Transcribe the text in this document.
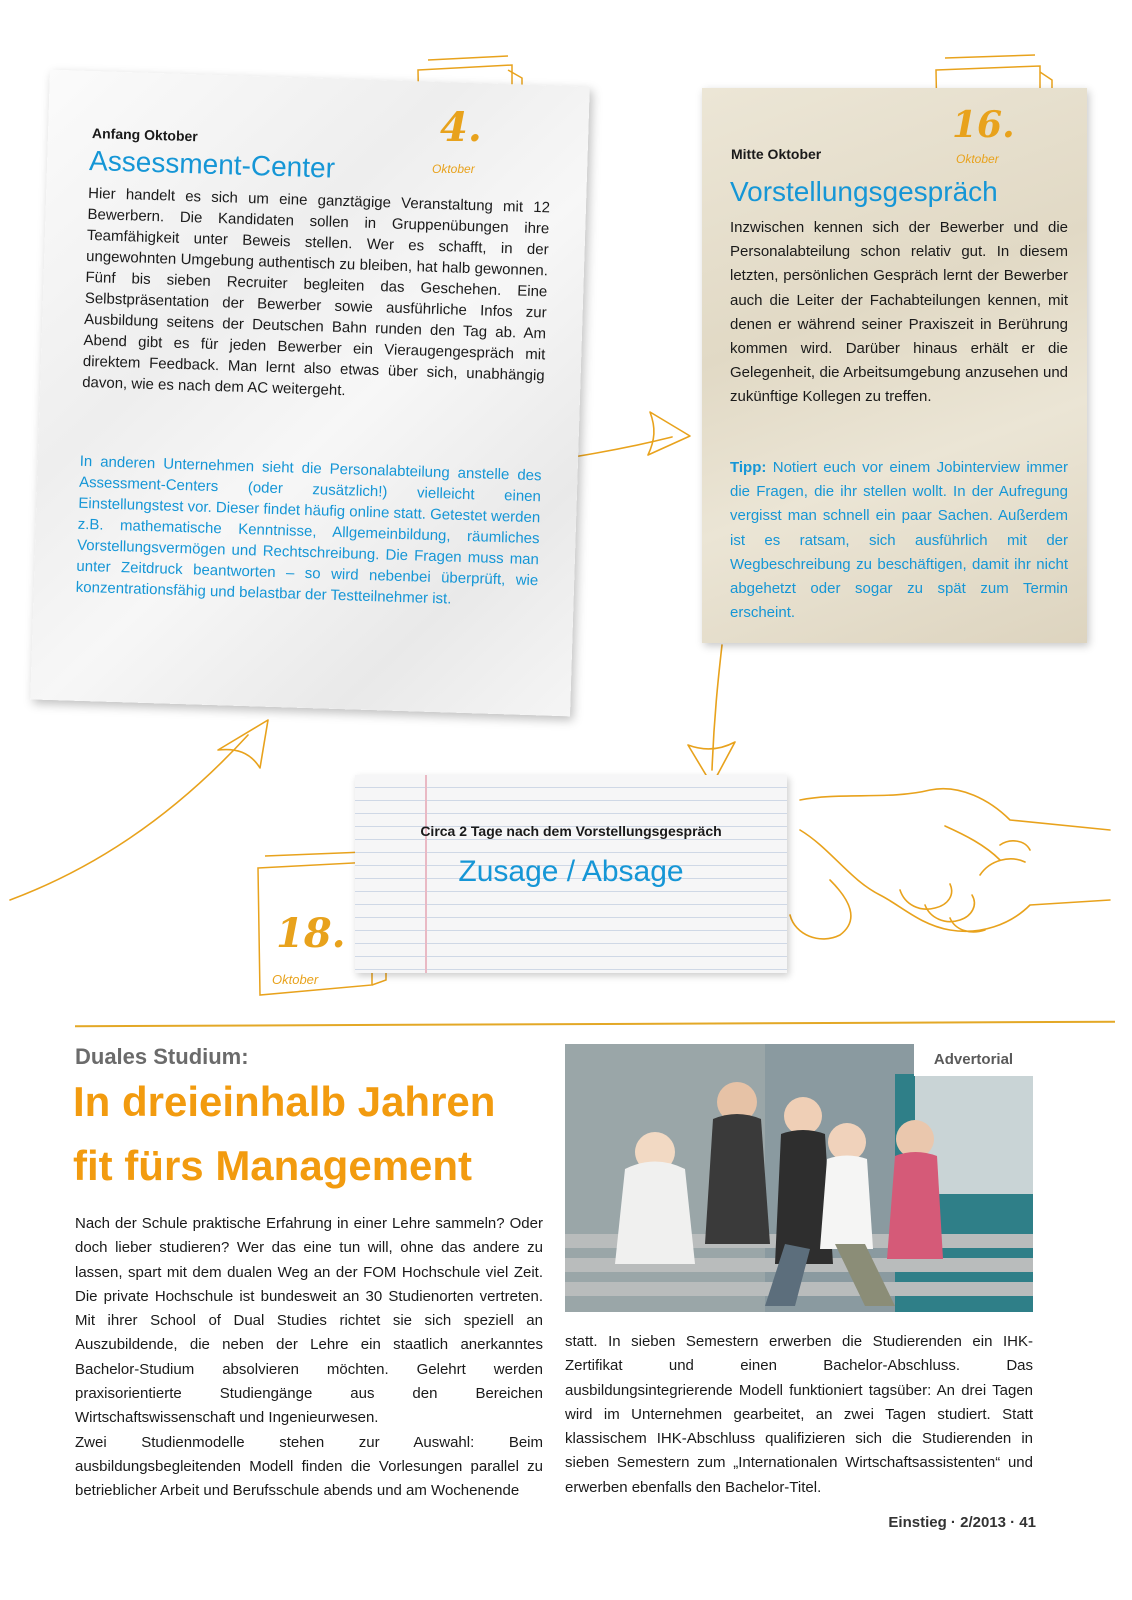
Anfang Oktober
Assessment-Center
Hier handelt es sich um eine ganztägige Veranstaltung mit 12 Bewerbern. Die Kandidaten sollen in Gruppenübungen ihre Teamfähigkeit unter Beweis stellen. Wer es schafft, in der ungewohnten Umgebung authentisch zu bleiben, hat halb gewonnen. Fünf bis sieben Recruiter begleiten das Geschehen. Eine Selbstpräsentation der Bewerber sowie ausführliche Infos zur Ausbildung seitens der Deutschen Bahn runden den Tag ab. Am Abend gibt es für jeden Bewerber ein Vieraugengespräch mit direktem Feedback. Man lernt also etwas über sich, unabhängig davon, wie es nach dem AC weitergeht.
In anderen Unternehmen sieht die Personalabteilung anstelle des Assessment-Centers (oder zusätzlich!) vielleicht einen Einstellungstest vor. Dieser findet häufig online statt. Getestet werden z.B. mathematische Kenntnisse, Allgemeinbildung, räumliches Vorstellungsvermögen und Rechtschreibung. Die Fragen muss man unter Zeitdruck beantworten – so wird nebenbei überprüft, wie konzentrationsfähig und belastbar der Testteilnehmer ist.
4.
Oktober
Mitte Oktober
Vorstellungsgespräch
Inzwischen kennen sich der Bewerber und die Personalabteilung schon relativ gut. In diesem letzten, persönlichen Gespräch lernt der Bewerber auch die Leiter der Fachabteilungen kennen, mit denen er während seiner Praxiszeit in Berührung kommen wird. Darüber hinaus erhält er die Gelegenheit, die Arbeitsumgebung anzusehen und zukünftige Kollegen zu treffen.
Tipp: Notiert euch vor einem Jobinterview immer die Fragen, die ihr stellen wollt. In der Aufregung vergisst man schnell ein paar Sachen. Außerdem ist es ratsam, sich ausführlich mit der Wegbeschreibung zu beschäftigen, damit ihr nicht abgehetzt oder sogar zu spät zum Termin erscheint.
16.
Oktober
Circa 2 Tage nach dem Vorstellungsgespräch
Zusage / Absage
18.
Oktober
Duales Studium:
In dreieinhalb Jahren
fit fürs Management

Nach der Schule praktische Erfahrung in einer Lehre sammeln? Oder doch lieber studieren? Wer das eine tun will, ohne das andere zu lassen, spart mit dem dualen Weg an der FOM Hochschule viel Zeit. Die private Hochschule ist bundesweit an 30 Studienorten vertreten. Mit ihrer School of Dual Studies richtet sie sich speziell an Auszubildende, die neben der Lehre ein staatlich anerkanntes Bachelor-Studium absolvieren möchten. Gelehrt werden praxisorientierte Studiengänge aus den Bereichen Wirtschaftswissenschaft und Ingenieurwesen.

Zwei Studienmodelle stehen zur Auswahl: Beim ausbildungsbegleitenden Modell finden die Vorlesungen parallel zu betrieblicher Arbeit und Berufsschule abends und am Wochenende

Advertorial

statt. In sieben Semestern erwerben die Studierenden ein IHK-Zertifikat und einen Bachelor-Abschluss. Das ausbildungsintegrierende Modell funktioniert tagsüber: An drei Tagen wird im Unternehmen gearbeitet, an zwei Tagen studiert. Statt klassischem IHK-Abschluss qualifizieren sich die Studierenden in sieben Semestern zum „Internationalen Wirtschaftsassistenten“ und erwerben ebenfalls den Bachelor-Titel.

Einstieg · 2/2013 · 41
